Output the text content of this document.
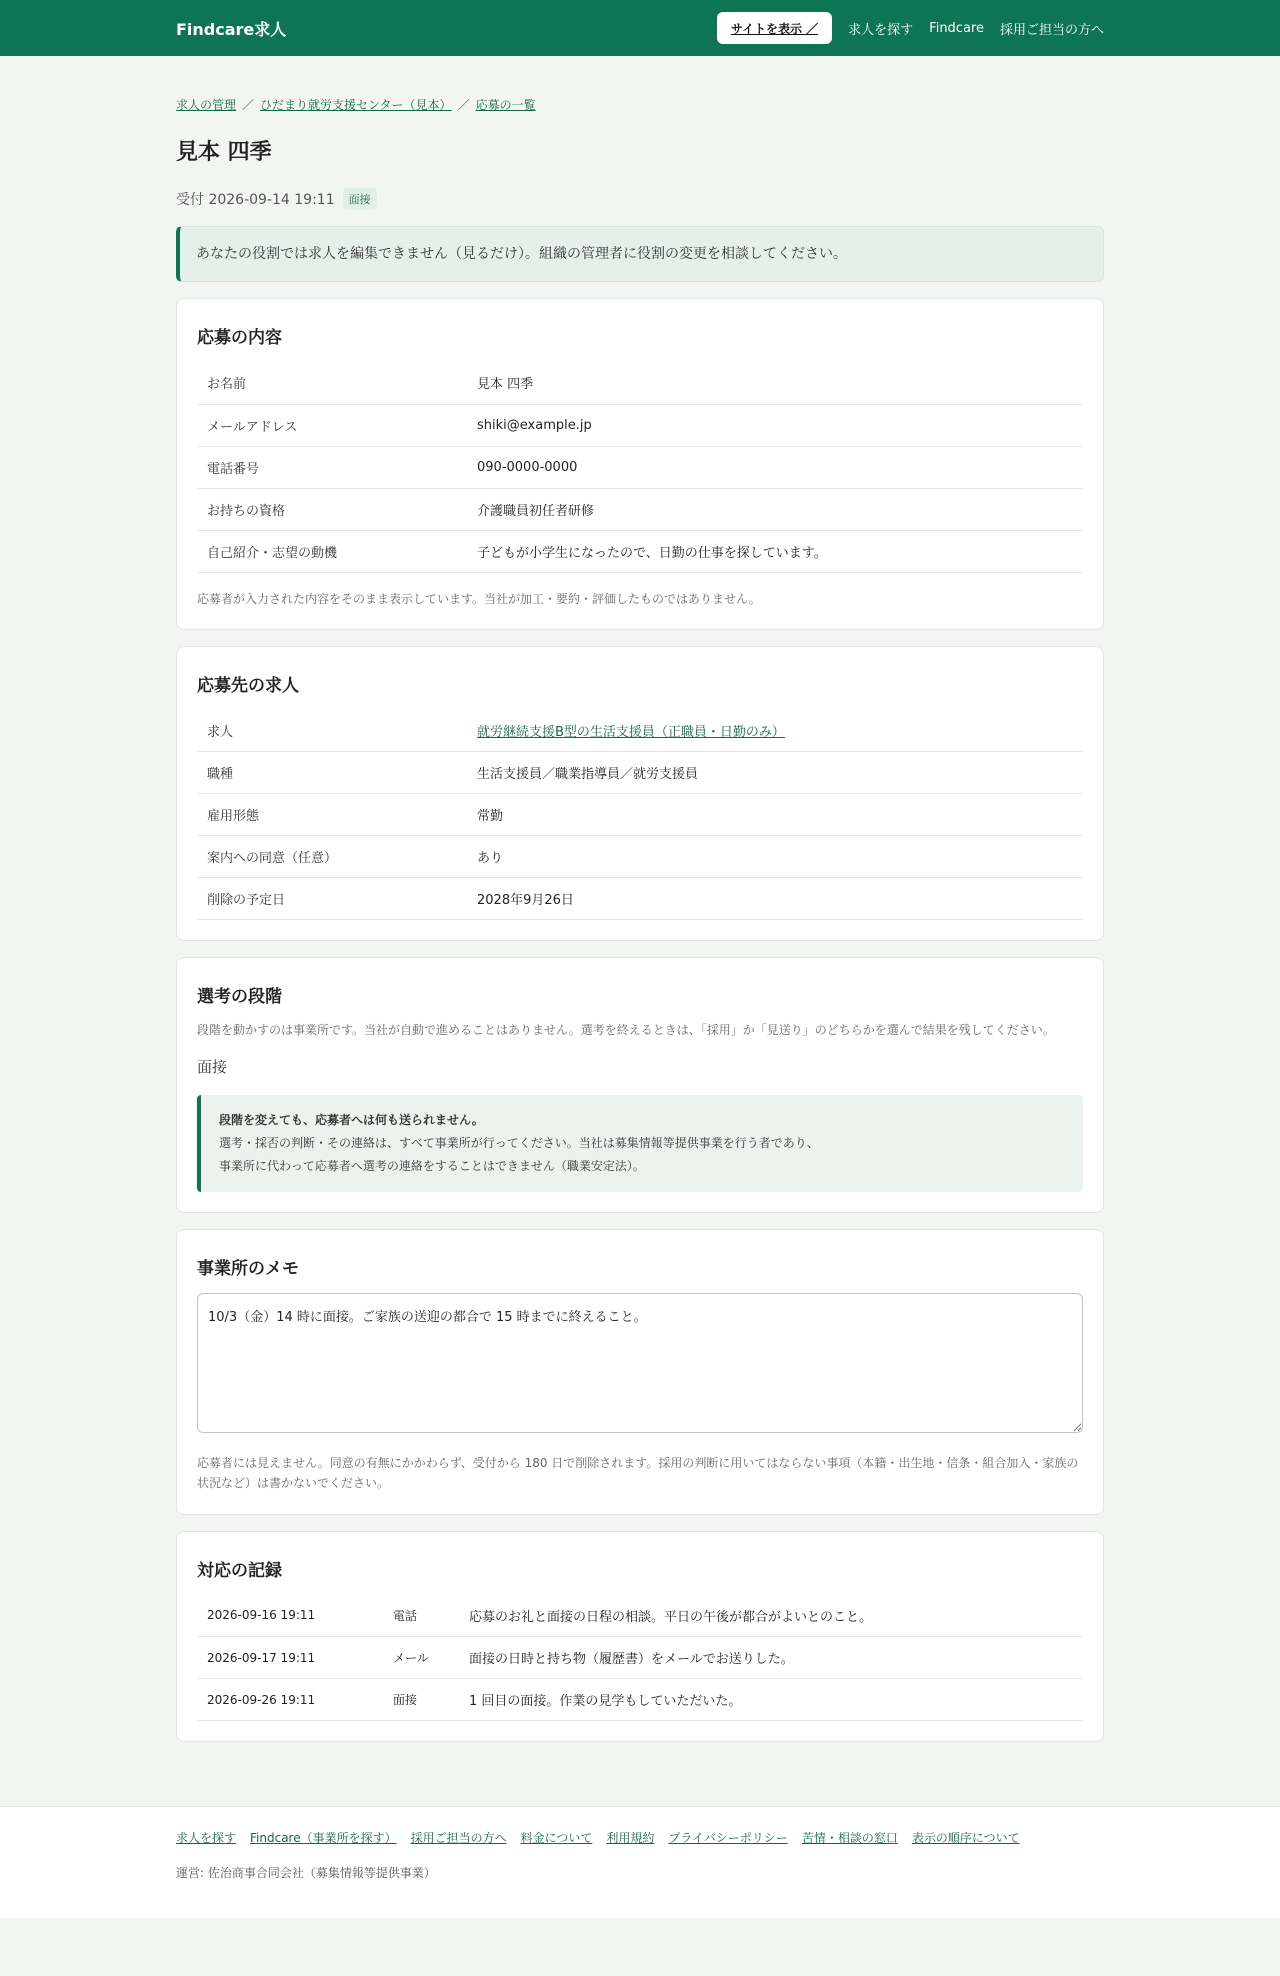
Findcare求人	サイトを表示 ／	求人を探す Findcare 採用ご担当の方へ
求人の管理 ／ ひだまり就労支援センター（見本） ／ 応募の一覧
見本 四季
受付 2026-09-14 19:11	面接
あなたの役割では求人を編集できません（見るだけ）。組織の管理者に役割の変更を相談してください。
応募の内容
お名前	見本 四季
メールアドレス	shiki@example.jp
電話番号	090-0000-0000
お持ちの資格	介護職員初任者研修
自己紹介・志望の動機	子どもが小学生になったので、日勤の仕事を探しています。

応募者が入力された内容をそのまま表示しています。当社が加工・要約・評価したものではありません。

応募先の求人
求人	就労継続支援B型の生活支援員（正職員・日勤のみ）
職種	生活支援員／職業指導員／就労支援員
雇用形態	常勤
案内への同意（任意）	あり
削除の予定日	2028年9月26日
選考の段階

段階を動かすのは事業所です。当社が自動で進めることはありません。選考を終えるときは、「採用」か「見送り」のどちらかを選んで結果を残してください。

面接

段階を変えても、応募者へは何も送られません。
選考・採否の判断・その連絡は、すべて事業所が行ってください。当社は募集情報等提供事業を行う者であり、
事業所に代わって応募者へ選考の連絡をすることはできません（職業安定法）。
事業所のメモ
10/3（金）14 時に面接。ご家族の送迎の都合で 15 時までに終えること。

応募者には見えません。同意の有無にかかわらず、受付から 180 日で削除されます。採用の判断に用いてはならない事項（本籍・出生地・信条・組合加入・家族の状況など）は書かないでください。

対応の記録
2026-09-16 19:11	電話	応募のお礼と面接の日程の相談。平日の午後が都合がよいとのこと。
2026-09-17 19:11	メール	面接の日時と持ち物（履歴書）をメールでお送りした。
2026-09-26 19:11	面接	1 回目の面接。作業の見学もしていただいた。
求人を探す Findcare（事業所を探す） 採用ご担当の方へ 料金について 利用規約 プライバシーポリシー 苦情・相談の窓口 表示の順序について

運営: 佐治商事合同会社（募集情報等提供事業）
